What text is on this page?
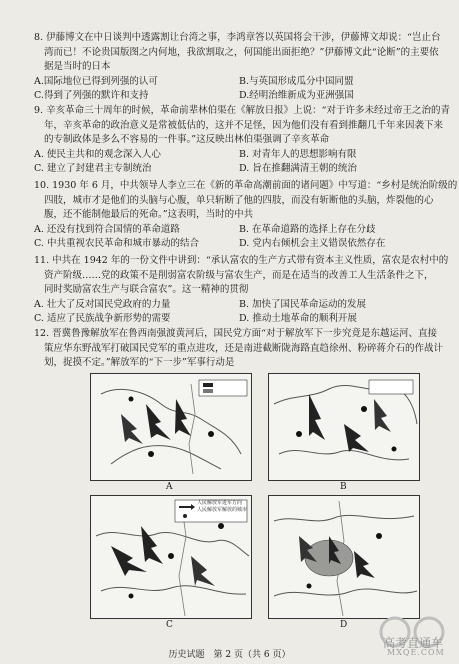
8. 伊藤博文在中日谈判中透露割让台湾之事，李鸿章答以英国将会干涉，伊藤博文却说：“岂止台
湾而已！不论贵国版图之内何地，我欲割取之，何国能出面拒绝？”伊藤博文此“论断”的主要依
据是当时的日本
A.国际地位已得到列强的认可	B.与英国形成瓜分中国同盟
C.得到了列强的默许和支持	D.经明治维新成为亚洲强国
9. 辛亥革命三十周年的时候，革命前辈林伯渠在《解放日报》上说：“对于许多未经过帝王之治的青
年，辛亥革命的政治意义是常被低估的，这并不足怪，因为他们没有看到推翻几千年来因袭下来
的专制政体是多么不容易的一件事。”这反映出林伯渠强调了辛亥革命
A. 使民主共和的观念深入人心	B. 对青年人的思想影响有限
C. 建立了封建君主专制统治	D. 旨在推翻满清王朝的统治
10. 1930 年 6 月，中共领导人李立三在《新的革命高潮前面的诸问题》中写道：“乡村是统治阶级的
四肢，城市才是他们的头脑与心腹，单只斩断了他的四肢，而没有斩断他的头脑，炸裂他的心
腹，还不能制他最后的死命。”这表明，当时的中共
A. 还没有找到符合国情的革命道路	B. 在革命道路的选择上存在分歧
C. 中共重视农民革命和城市暴动的结合	D. 党内右倾机会主义错误依然存在
11. 中共在 1942 年的一份文件中讲到：“承认富农的生产方式带有资本主义性质，富农是农村中的
资产阶级……党的政策不是削弱富农阶级与富农生产，而是在适当的改善工人生活条件之下，
同时奖励富农生产与联合富农”。这一精神的贯彻
A. 壮大了反对国民党政府的力量	B. 加快了国民革命运动的发展
C. 适应了民族战争新形势的需要	D. 推动土地革命的顺利开展
12. 晋冀鲁豫解放军在鲁西南强渡黄河后，国民党方面“对于解放军下一步究竟是东越运河、直接
策应华东野战军打破国民党军的重点进攻，还是南进截断陇海路直趋徐州、粉碎蒋介石的作战计
划，捉摸不定。”解放军的“下一步”军事行动是
A	B
人民解放军进军方向
人民解放军解放的城市
C	D
高考直通车
MXQE.COM
历史试题　第 2 页（共 6 页）
